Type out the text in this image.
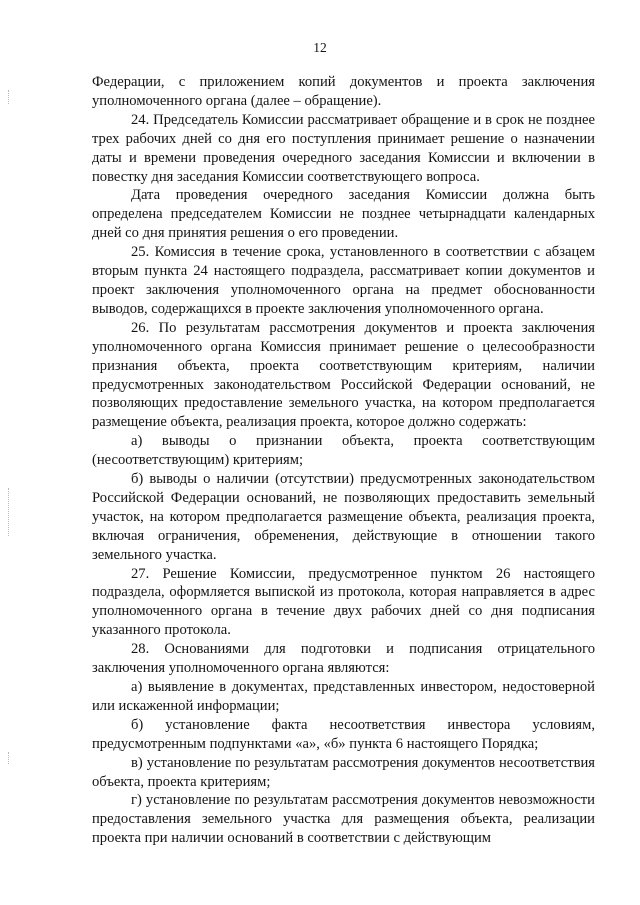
12

Федерации, с приложением копий документов и проекта заключения уполномоченного органа (далее – обращение).

24. Председатель Комиссии рассматривает обращение и в срок не позднее трех рабочих дней со дня его поступления принимает решение о назначении даты и времени проведения очередного заседания Комиссии и включении в повестку дня заседания Комиссии соответствующего вопроса.

Дата проведения очередного заседания Комиссии должна быть определена председателем Комиссии не позднее четырнадцати календарных дней со дня принятия решения о его проведении.

25. Комиссия в течение срока, установленного в соответствии с абзацем вторым пункта 24 настоящего подраздела, рассматривает копии документов и проект заключения уполномоченного органа на предмет обоснованности выводов, содержащихся в проекте заключения уполномоченного органа.

26. По результатам рассмотрения документов и проекта заключения уполномоченного органа Комиссия принимает решение о целесообразности признания объекта, проекта соответствующим критериям, наличии предусмотренных законодательством Российской Федерации оснований, не позволяющих предоставление земельного участка, на котором предполагается размещение объекта, реализация проекта, которое должно содержать:

а) выводы о признании объекта, проекта соответствующим (несоответствующим) критериям;

б) выводы о наличии (отсутствии) предусмотренных законодательством Российской Федерации оснований, не позволяющих предоставить земельный участок, на котором предполагается размещение объекта, реализация проекта, включая ограничения, обременения, действующие в отношении такого земельного участка.

27. Решение Комиссии, предусмотренное пунктом 26 настоящего подраздела, оформляется выпиской из протокола, которая направляется в адрес уполномоченного органа в течение двух рабочих дней со дня подписания указанного протокола.

28. Основаниями для подготовки и подписания отрицательного заключения уполномоченного органа являются:

а) выявление в документах, представленных инвестором, недостоверной или искаженной информации;

б) установление факта несоответствия инвестора условиям, предусмотренным подпунктами «а», «б» пункта 6 настоящего Порядка;

в) установление по результатам рассмотрения документов несоответствия объекта, проекта критериям;

г) установление по результатам рассмотрения документов невозможности предоставления земельного участка для размещения объекта, реализации проекта при наличии оснований в соответствии с действующим
